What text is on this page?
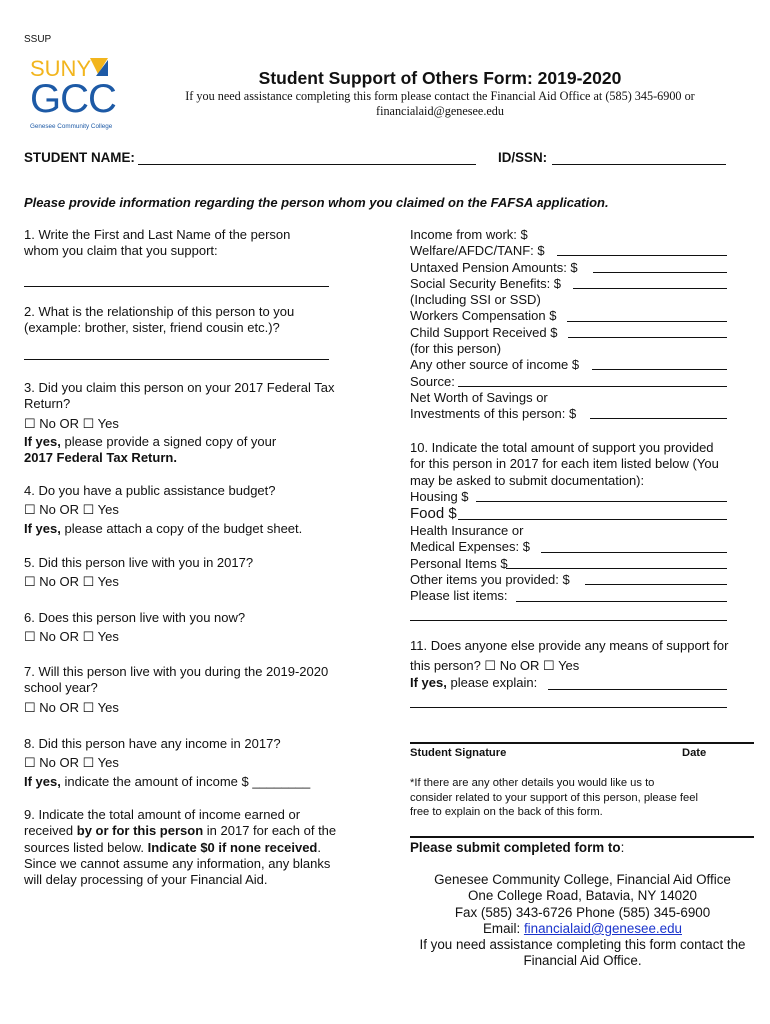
SSUP
SUNY
GCC
Genesee Community College
Student Support of Others Form: 2019-2020
If you need assistance completing this form please contact the Financial Aid Office at (585) 345-6900 or
financialaid@genesee.edu
STUDENT NAME:	ID/SSN:
Please provide information regarding the person whom you claimed on the FAFSA application.

1. Write the First and Last Name of the person

whom you claim that you support:

2. What is the relationship of this person to you

(example: brother, sister, friend cousin etc.)?

3. Did you claim this person on your 2017 Federal Tax

Return?

☐ No OR ☐ Yes

If yes, please provide a signed copy of your

2017 Federal Tax Return.

4. Do you have a public assistance budget?

☐ No OR ☐ Yes

If yes, please attach a copy of the budget sheet.

5. Did this person live with you in 2017?

☐ No OR ☐ Yes

6. Does this person live with you now?

☐ No OR ☐ Yes

7. Will this person live with you during the 2019-2020

school year?

☐ No OR ☐ Yes

8. Did this person have any income in 2017?

☐ No OR ☐ Yes

If yes, indicate the amount of income $ ________

9. Indicate the total amount of income earned or

received by or for this person in 2017 for each of the

sources listed below. Indicate $0 if none received.

Since we cannot assume any information, any blanks

will delay processing of your Financial Aid.

Income from work: $

Welfare/AFDC/TANF: $

Untaxed Pension Amounts: $

Social Security Benefits: $

(Including SSI or SSD)

Workers Compensation $

Child Support Received $

(for this person)

Any other source of income $

Source:

Net Worth of Savings or

Investments of this person: $

10. Indicate the total amount of support you provided

for this person in 2017 for each item listed below (You

may be asked to submit documentation):

Housing $

Food $

Health Insurance or

Medical Expenses: $

Personal Items $

Other items you provided: $

Please list items:

11. Does anyone else provide any means of support for

this person? ☐ No OR ☐ Yes

If yes, please explain:

Student Signature	Date
*If there are any other details you would like us to
consider related to your support of this person, please feel
free to explain on the back of this form.
Please submit completed form to:
Genesee Community College, Financial Aid Office
One College Road, Batavia, NY 14020
Fax (585) 343-6726 Phone (585) 345-6900
Email: financialaid@genesee.edu
If you need assistance completing this form contact the
Financial Aid Office.
